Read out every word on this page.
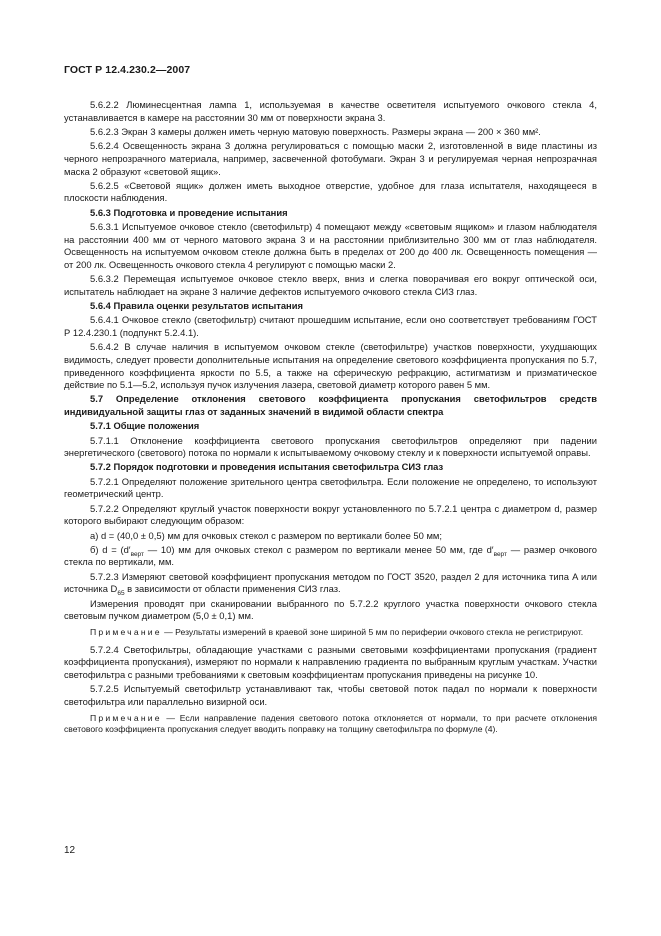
ГОСТ Р 12.4.230.2—2007

5.6.2.2 Люминесцентная лампа 1, используемая в качестве осветителя испытуемого очкового стекла 4, устанавливается в камере на расстоянии 30 мм от поверхности экрана 3.

5.6.2.3 Экран 3 камеры должен иметь черную матовую поверхность. Размеры экрана — 200 × 360 мм².

5.6.2.4 Освещенность экрана 3 должна регулироваться с помощью маски 2, изготовленной в виде пластины из черного непрозрачного материала, например, засвеченной фотобумаги. Экран 3 и регулируемая черная непрозрачная маска 2 образуют «световой ящик».

5.6.2.5 «Световой ящик» должен иметь выходное отверстие, удобное для глаза испытателя, находящееся в плоскости наблюдения.

5.6.3 Подготовка и проведение испытания

5.6.3.1 Испытуемое очковое стекло (светофильтр) 4 помещают между «световым ящиком» и глазом наблюдателя на расстоянии 400 мм от черного матового экрана 3 и на расстоянии приблизительно 300 мм от глаз наблюдателя. Освещенность на испытуемом очковом стекле должна быть в пределах от 200 до 400 лк. Освещенность помещения — от 200 лк. Освещенность очкового стекла 4 регулируют с помощью маски 2.

5.6.3.2 Перемещая испытуемое очковое стекло вверх, вниз и слегка поворачивая его вокруг оптической оси, испытатель наблюдает на экране 3 наличие дефектов испытуемого очкового стекла СИЗ глаз.

5.6.4 Правила оценки результатов испытания

5.6.4.1 Очковое стекло (светофильтр) считают прошедшим испытание, если оно соответствует требованиям ГОСТ Р 12.4.230.1 (подпункт 5.2.4.1).

5.6.4.2 В случае наличия в испытуемом очковом стекле (светофильтре) участков поверхности, ухудшающих видимость, следует провести дополнительные испытания на определение светового коэффициента пропускания по 5.7, приведенного коэффициента яркости по 5.5, а также на сферическую рефракцию, астигматизм и призматическое действие по 5.1—5.2, используя пучок излучения лазера, световой диаметр которого равен 5 мм.

5.7 Определение отклонения светового коэффициента пропускания светофильтров средств индивидуальной защиты глаз от заданных значений в видимой области спектра

5.7.1 Общие положения

5.7.1.1 Отклонение коэффициента светового пропускания светофильтров определяют при падении энергетического (светового) потока по нормали к испытываемому очковому стеклу и к поверхности испытуемой оправы.

5.7.2 Порядок подготовки и проведения испытания светофильтра СИЗ глаз

5.7.2.1 Определяют положение зрительного центра светофильтра. Если положение не определено, то используют геометрический центр.

5.7.2.2 Определяют круглый участок поверхности вокруг установленного по 5.7.2.1 центра с диаметром d, размер которого выбирают следующим образом:

а) d = (40,0 ± 0,5) мм для очковых стекол с размером по вертикали более 50 мм;

б) $d = (d'_{верт}$ — 10) мм для очковых стекол с размером по вертикали менее 50 мм, где $d'_{верт}$ — размер очкового стекла по вертикали, мм.

5.7.2.3 Измеряют световой коэффициент пропускания методом по ГОСТ 3520, раздел 2 для источника типа A или источника $D_{65}$ в зависимости от области применения СИЗ глаз.

Измерения проводят при сканировании выбранного по 5.7.2.2 круглого участка поверхности очкового стекла световым пучком диаметром (5,0 ± 0,1) мм.

Примечание — Результаты измерений в краевой зоне шириной 5 мм по периферии очкового стекла не регистрируют.

5.7.2.4 Светофильтры, обладающие участками с разными световыми коэффициентами пропускания (градиент коэффициента пропускания), измеряют по нормали к направлению градиента по выбранным круглым участкам. Участки светофильтра с разными требованиями к световым коэффициентам пропускания приведены на рисунке 10.

5.7.2.5 Испытуемый светофильтр устанавливают так, чтобы световой поток падал по нормали к поверхности светофильтра или параллельно визирной оси.

Примечание — Если направление падения светового потока отклоняется от нормали, то при расчете отклонения светового коэффициента пропускания следует вводить поправку на толщину светофильтра по формуле (4).

12
